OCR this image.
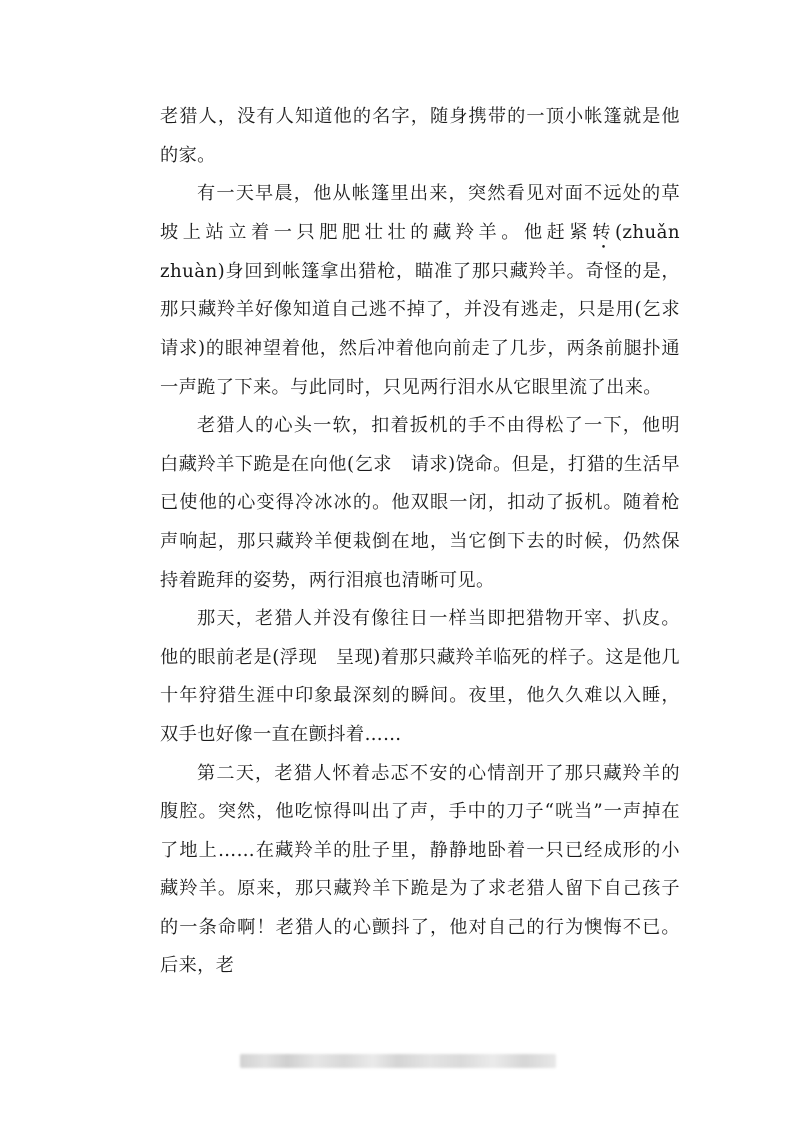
老猎人，没有人知道他的名字，随身携带的一顶小帐篷就是他的家。

有一天早晨，他从帐篷里出来，突然看见对面不远处的草坡上站立着一只肥肥壮壮的藏羚羊。他赶紧转(zhuǎn　zhuàn)身回到帐篷拿出猎枪，瞄准了那只藏羚羊。奇怪的是，那只藏羚羊好像知道自己逃不掉了，并没有逃走，只是用(乞求　请求)的眼神望着他，然后冲着他向前走了几步，两条前腿扑通一声跪了下来。与此同时，只见两行泪水从它眼里流了出来。

老猎人的心头一软，扣着扳机的手不由得松了一下，他明白藏羚羊下跪是在向他(乞求　请求)饶命。但是，打猎的生活早已使他的心变得冷冰冰的。他双眼一闭，扣动了扳机。随着枪声响起，那只藏羚羊便栽倒在地，当它倒下去的时候，仍然保持着跪拜的姿势，两行泪痕也清晰可见。

那天，老猎人并没有像往日一样当即把猎物开宰、扒皮。他的眼前老是(浮现　呈现)着那只藏羚羊临死的样子。这是他几十年狩猎生涯中印象最深刻的瞬间。夜里，他久久难以入睡，双手也好像一直在颤抖着……

第二天，老猎人怀着忐忑不安的心情剖开了那只藏羚羊的腹腔。突然，他吃惊得叫出了声，手中的刀子“咣当”一声掉在了地上……在藏羚羊的肚子里，静静地卧着一只已经成形的小藏羚羊。原来，那只藏羚羊下跪是为了求老猎人留下自己孩子的一条命啊！老猎人的心颤抖了，他对自己的行为懊悔不已。后来，老
